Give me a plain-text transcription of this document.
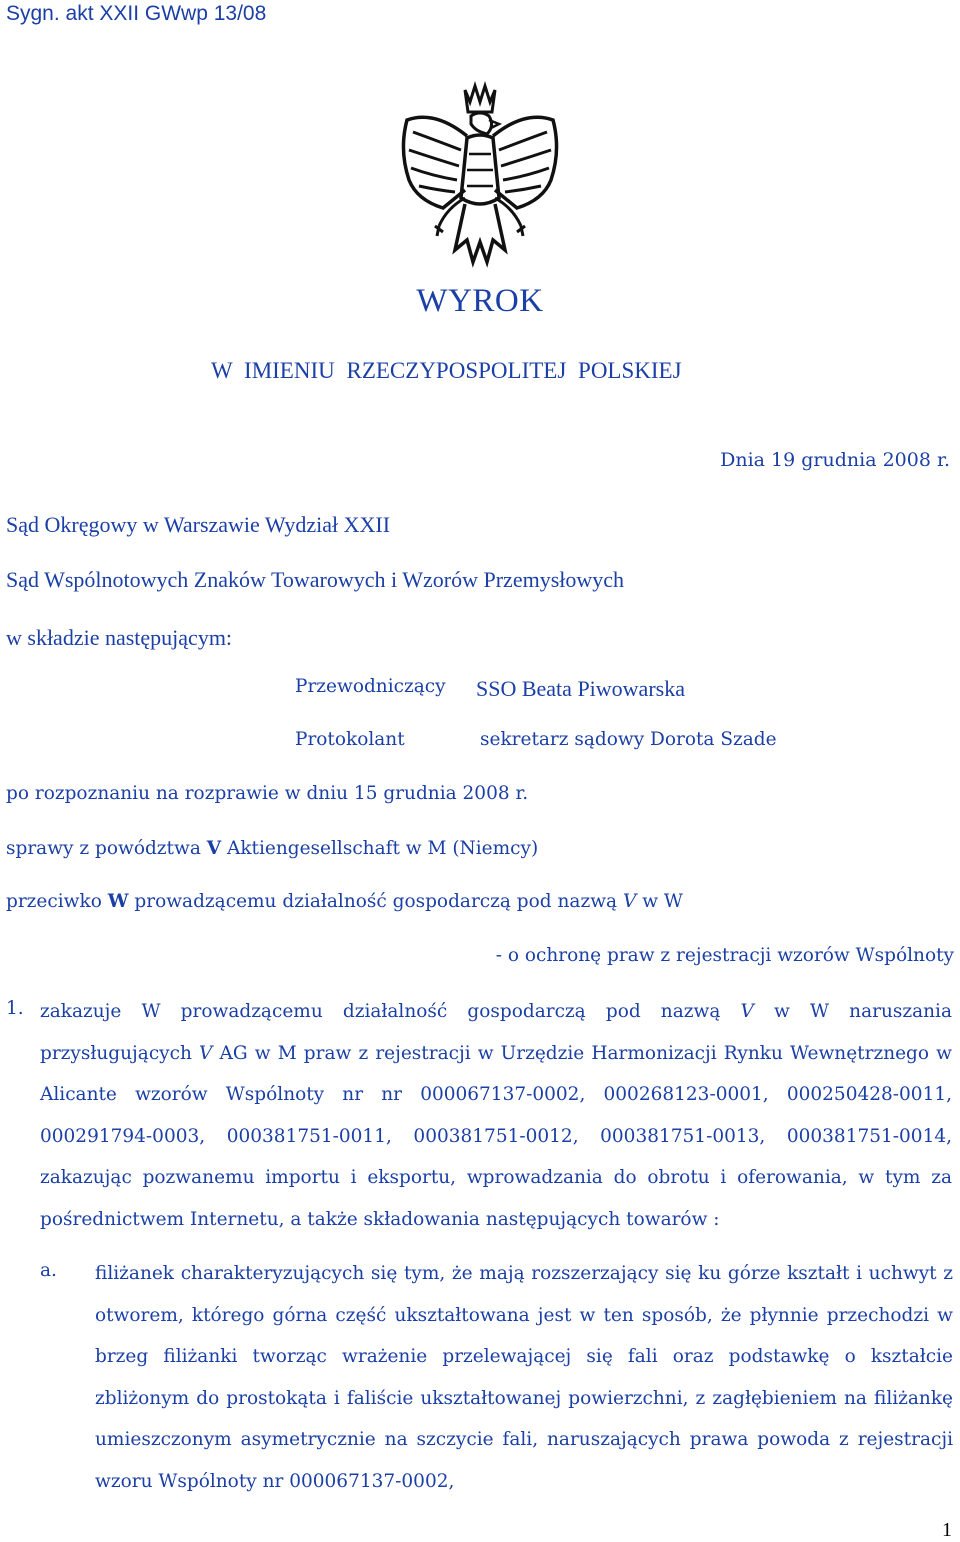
Sygn. akt XXII GWwp 13/08
WYROK
W IMIENIU RZECZYPOSPOLITEJ POLSKIEJ
Dnia 19 grudnia 2008 r.
Sąd Okręgowy w Warszawie Wydział XXII
Sąd Wspólnotowych Znaków Towarowych i Wzorów Przemysłowych
w składzie następującym:
Przewodniczący SSO Beata Piwowarska
Protokolant	sekretarz sądowy Dorota Szade
po rozpoznaniu na rozprawie w dniu 15 grudnia 2008 r.
sprawy z powództwa V Aktiengesellschaft w M (Niemcy)
przeciwko W prowadzącemu działalność gospodarczą pod nazwą V w W
- o ochronę praw z rejestracji wzorów Wspólnoty
1. zakazuje W prowadzącemu działalność gospodarczą pod nazwą V w W naruszania przysługujących V AG w M praw z rejestracji w Urzędzie Harmonizacji Rynku Wewnętrznego w Alicante wzorów Wspólnoty nr nr 000067137-0002, 000268123-0001, 000250428-0011, 000291794-0003, 000381751-0011, 000381751-0012, 000381751-0013, 000381751-0014, zakazując pozwanemu importu i eksportu, wprowadzania do obrotu i oferowania, w tym za pośrednictwem Internetu, a także składowania następujących towarów :
a. filiżanek charakteryzujących się tym, że mają rozszerzający się ku górze kształt i uchwyt z otworem, którego górna część ukształtowana jest w ten sposób, że płynnie przechodzi w brzeg filiżanki tworząc wrażenie przelewającej się fali oraz podstawkę o kształcie zbliżonym do prostokąta i faliście ukształtowanej powierzchni, z zagłębieniem na filiżankę umieszczonym asymetrycznie na szczycie fali, naruszających prawa powoda z rejestracji wzoru Wspólnoty nr 000067137-0002,
1
